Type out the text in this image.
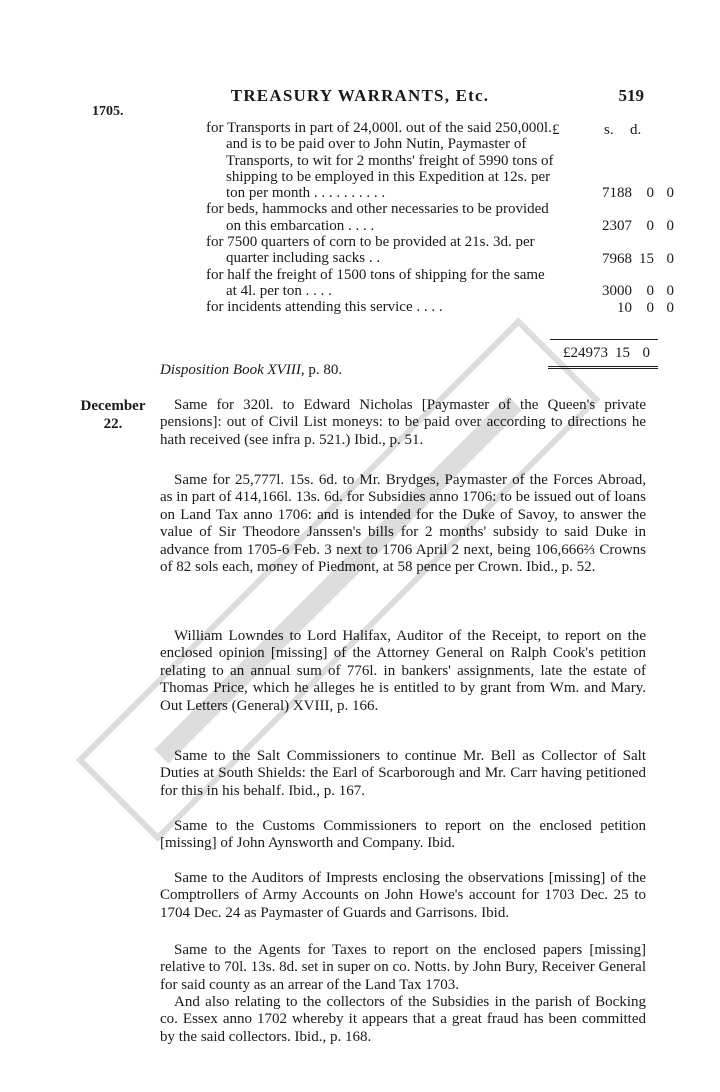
TREASURY WARRANTS, Etc.	519
1705.
£	s. d.
for Transports in part of 24,000l. out of the said 250,000l. and is to be paid over to John Nutin, Paymaster of Transports, to wit for 2 months' freight of 5990 tons of shipping to be employed in this Expedition at 12s. per ton per month . . . . . . . . . .	7188 0 0
for beds, hammocks and other necessaries to be provided on this embarcation . . . .	2307 0 0
for 7500 quarters of corn to be provided at 21s. 3d. per quarter including sacks . .	7968 15 0
for half the freight of 1500 tons of shipping for the same at 4l. per ton . . . .	3000 0 0
for incidents attending this service . . . .	10 0 0
£24973 15 0
Disposition Book XVIII, p. 80.
December
22.

Same for 320l. to Edward Nicholas [Paymaster of the Queen's private pensions]: out of Civil List moneys: to be paid over according to directions he hath received (see infra p. 521.) Ibid., p. 51.

Same for 25,777l. 15s. 6d. to Mr. Brydges, Paymaster of the Forces Abroad, as in part of 414,166l. 13s. 6d. for Subsidies anno 1706: to be issued out of loans on Land Tax anno 1706: and is intended for the Duke of Savoy, to answer the value of Sir Theodore Janssen's bills for 2 months' subsidy to said Duke in advance from 1705-6 Feb. 3 next to 1706 April 2 next, being 106,666⅔ Crowns of 82 sols each, money of Piedmont, at 58 pence per Crown. Ibid., p. 52.

William Lowndes to Lord Halifax, Auditor of the Receipt, to report on the enclosed opinion [missing] of the Attorney General on Ralph Cook's petition relating to an annual sum of 776l. in bankers' assignments, late the estate of Thomas Price, which he alleges he is entitled to by grant from Wm. and Mary. Out Letters (General) XVIII, p. 166.

Same to the Salt Commissioners to continue Mr. Bell as Collector of Salt Duties at South Shields: the Earl of Scarborough and Mr. Carr having petitioned for this in his behalf. Ibid., p. 167.

Same to the Customs Commissioners to report on the enclosed petition [missing] of John Aynsworth and Company. Ibid.

Same to the Auditors of Imprests enclosing the observations [missing] of the Comptrollers of Army Accounts on John Howe's account for 1703 Dec. 25 to 1704 Dec. 24 as Paymaster of Guards and Garrisons. Ibid.

Same to the Agents for Taxes to report on the enclosed papers [missing] relative to 70l. 13s. 8d. set in super on co. Notts. by John Bury, Receiver General for said county as an arrear of the Land Tax 1703.

And also relating to the collectors of the Subsidies in the parish of Bocking co. Essex anno 1702 whereby it appears that a great fraud has been committed by the said collectors. Ibid., p. 168.
